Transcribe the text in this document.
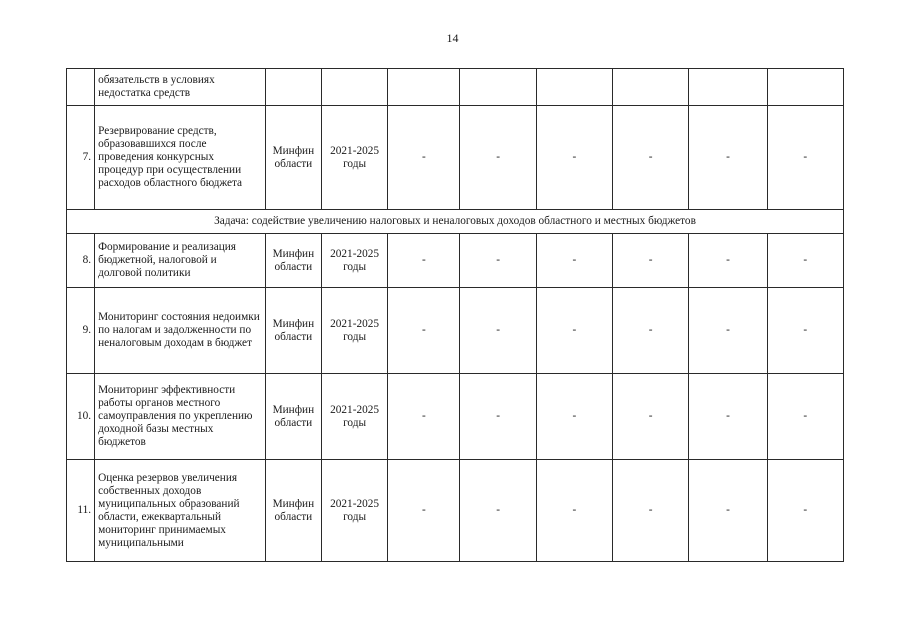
14
	обязательств в условиях недостатка средств								
7.	Резервирование средств, образовавшихся после проведения конкурсных процедур при осуществлении расходов областного бюджета	Минфин области	2021-2025 годы	-	-	-	-	-	-
Задача: содействие увеличению налоговых и неналоговых доходов областного и местных бюджетов									
8.	Формирование и реализация бюджетной, налоговой и долговой политики	Минфин области	2021-2025 годы	-	-	-	-	-	-
9.	Мониторинг состояния недоимки по налогам и задолженности по неналоговым доходам в бюджет	Минфин области	2021-2025 годы	-	-	-	-	-	-
10.	Мониторинг эффективности работы органов местного самоуправления по укреплению доходной базы местных бюджетов	Минфин области	2021-2025 годы	-	-	-	-	-	-
11.	Оценка резервов увеличения собственных доходов муниципальных образований области, ежеквартальный мониторинг принимаемых муниципальными	Минфин области	2021-2025 годы	-	-	-	-	-	-
